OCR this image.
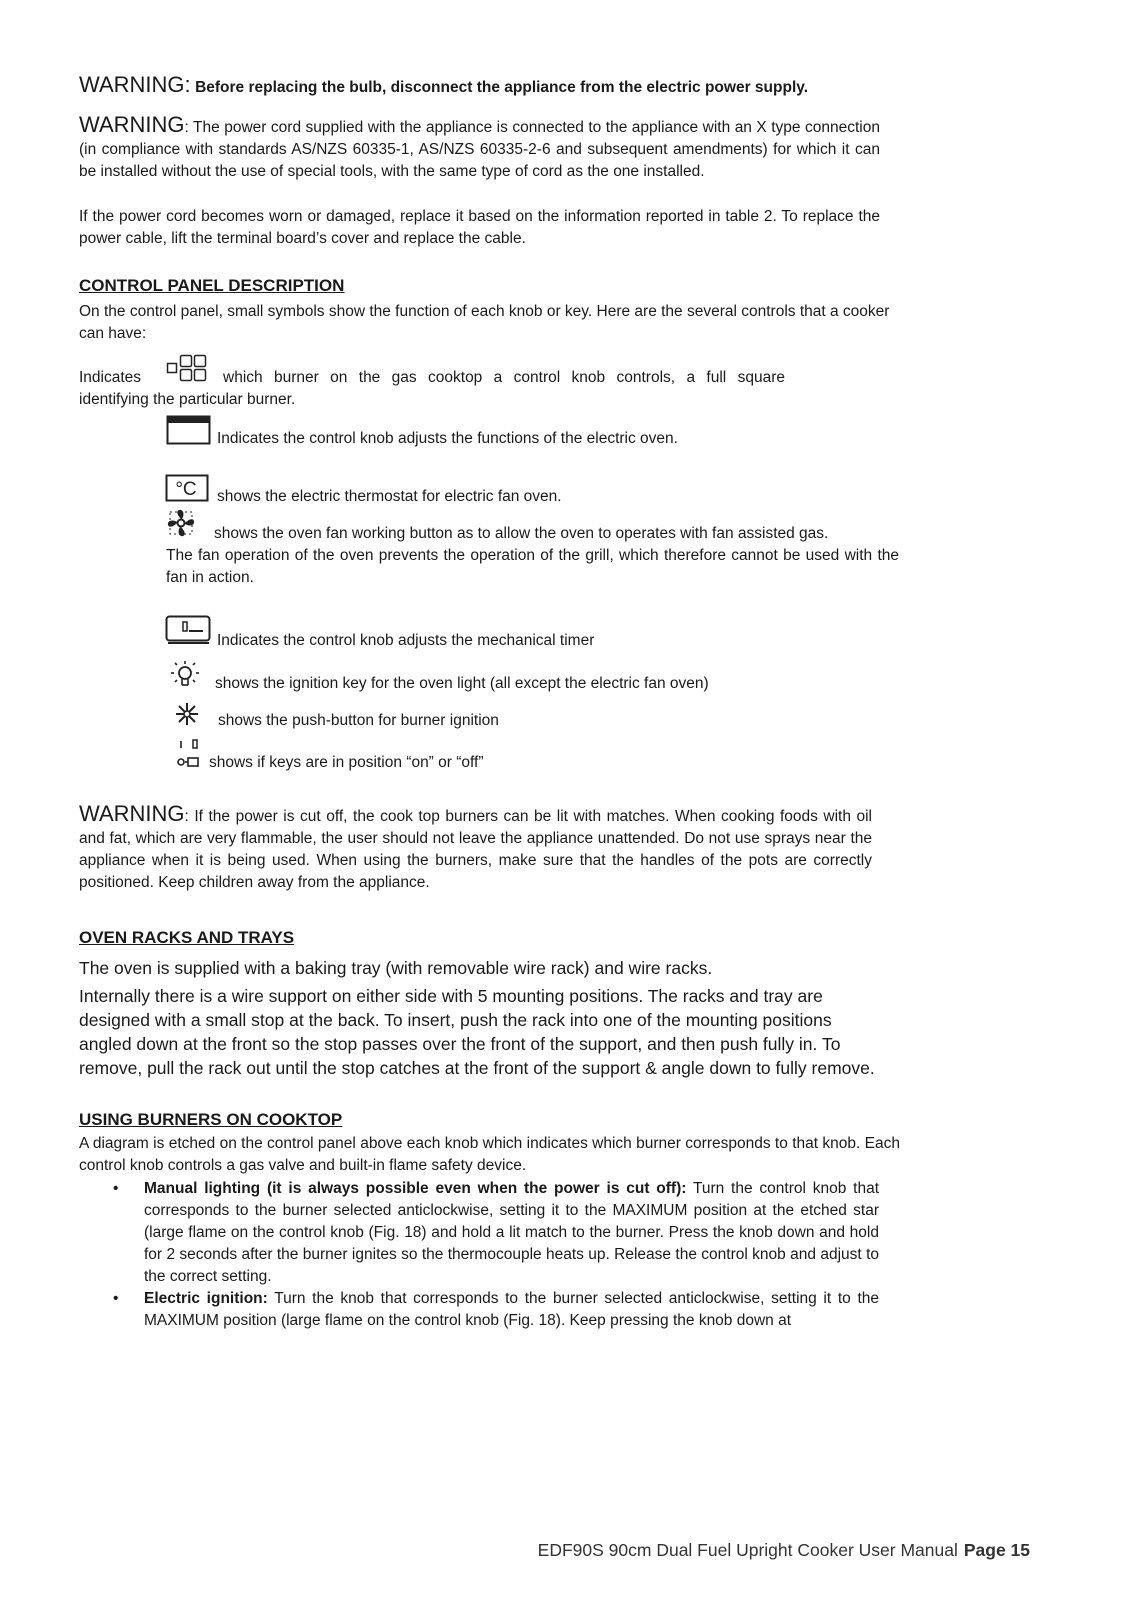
WARNING: Before replacing the bulb, disconnect the appliance from the electric power supply.
WARNING: The power cord supplied with the appliance is connected to the appliance with an X type connection (in compliance with standards AS/NZS 60335-1, AS/NZS 60335-2-6 and subsequent amendments) for which it can be installed without the use of special tools, with the same type of cord as the one installed.
If the power cord becomes worn or damaged, replace it based on the information reported in table 2. To replace the power cable, lift the terminal board’s cover and replace the cable.
CONTROL PANEL DESCRIPTION
On the control panel, small symbols show the function of each knob or key. Here are the several controls that a cooker can have:
Indicates	which burner on the gas cooktop a control knob controls, a full square
identifying the particular burner.
Indicates the control knob adjusts the functions of the electric oven.
°C shows the electric thermostat for electric fan oven.
shows the oven fan working button as to allow the oven to operates with fan assisted gas.
The fan operation of the oven prevents the operation of the grill, which therefore cannot be used with the fan in action.
Indicates the control knob adjusts the mechanical timer
shows the ignition key for the oven light (all except the electric fan oven)
shows the push-button for burner ignition
shows if keys are in position “on” or “off”
WARNING: If the power is cut off, the cook top burners can be lit with matches. When cooking foods with oil and fat, which are very flammable, the user should not leave the appliance unattended. Do not use sprays near the appliance when it is being used. When using the burners, make sure that the handles of the pots are correctly positioned. Keep children away from the appliance.
OVEN RACKS AND TRAYS
The oven is supplied with a baking tray (with removable wire rack) and wire racks.
Internally there is a wire support on either side with 5 mounting positions. The racks and tray are designed with a small stop at the back. To insert, push the rack into one of the mounting positions angled down at the front so the stop passes over the front of the support, and then push fully in. To remove, pull the rack out until the stop catches at the front of the support & angle down to fully remove.
USING BURNERS ON COOKTOP
A diagram is etched on the control panel above each knob which indicates which burner corresponds to that knob. Each control knob controls a gas valve and built-in flame safety device.
• Manual lighting (it is always possible even when the power is cut off): Turn the control knob that corresponds to the burner selected anticlockwise, setting it to the MAXIMUM position at the etched star (large flame on the control knob (Fig. 18) and hold a lit match to the burner. Press the knob down and hold for 2 seconds after the burner ignites so the thermocouple heats up. Release the control knob and adjust to the correct setting.
• Electric ignition: Turn the knob that corresponds to the burner selected anticlockwise, setting it to the MAXIMUM position (large flame on the control knob (Fig. 18). Keep pressing the knob down at
EDF90S 90cm Dual Fuel Upright Cooker User Manual Page 15
